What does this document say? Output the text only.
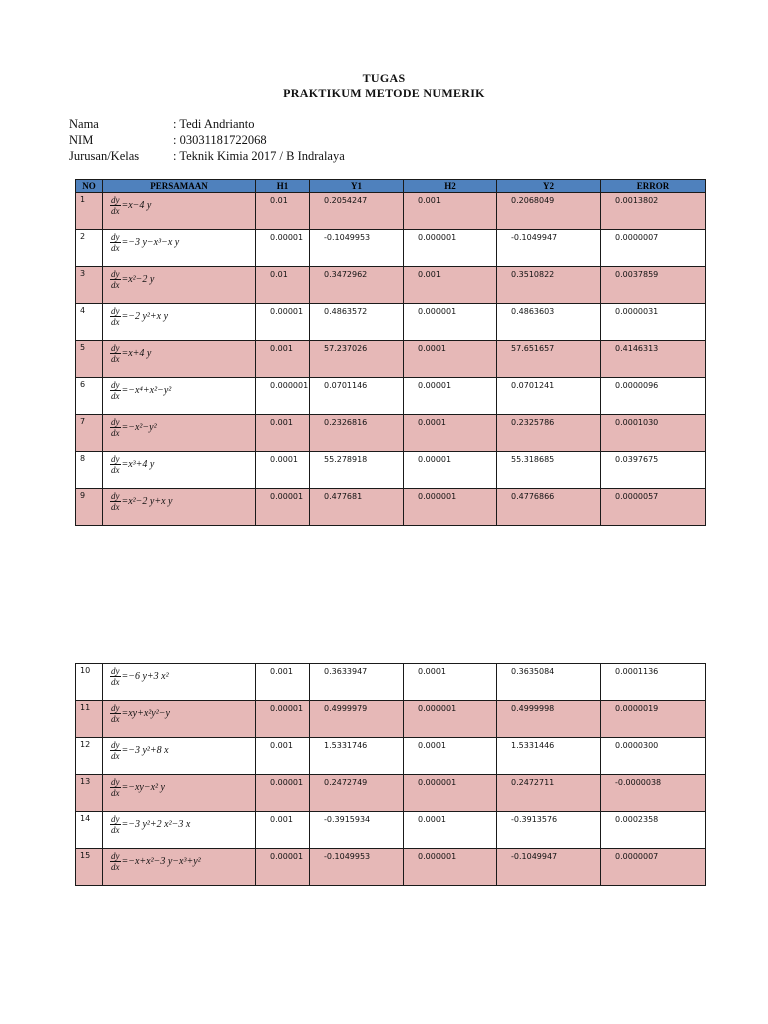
TUGAS
PRAKTIKUM METODE NUMERIK
Nama	: Tedi Andrianto
NIM	: 03031181722068
Jurusan/Kelas	: Teknik Kimia 2017 / B Indralaya
NO	PERSAMAAN	H1	Y1	H2	Y2	ERROR
1	$\frac{dy}{dx} =x-4$ y	0.01	0.2054247	0.001	0.2068049	0.0013802
2	$\frac{dy}{dx} =-3$ y−x³−x y	0.00001	-0.1049953	0.000001	-0.1049947	0.0000007
3	$\frac{dy}{dx} =x^2-2$ y	0.01	0.3472962	0.001	0.3510822	0.0037859
4	$\frac{dy}{dx} =-2$ y²+x y	0.00001	0.4863572	0.000001	0.4863603	0.0000031
5	$\frac{dy}{dx} =x+4$ y	0.001	57.237026	0.0001	57.651657	0.4146313
6	$\frac{dy}{dx} =-x^4+x^2-y^2$	0.000001	0.0701146	0.00001	0.0701241	0.0000096
7	$\frac{dy}{dx} =-x^2-y^2$	0.001	0.2326816	0.0001	0.2325786	0.0001030
8	$\frac{dy}{dx} =x^3+4$ y	0.0001	55.278918	0.00001	55.318685	0.0397675
9	$\frac{dy}{dx} =x^2-2$ y+x y	0.00001	0.477681	0.000001	0.4776866	0.0000057
10	$\frac{dy}{dx} =-6$ y+3 x²	0.001	0.3633947	0.0001	0.3635084	0.0001136
11	$\frac{dy}{dx} =xy+x^2y^2-y$	0.00001	0.4999979	0.000001	0.4999998	0.0000019
12	$\frac{dy}{dx} =-3$ y²+8 x	0.001	1.5331746	0.0001	1.5331446	0.0000300
13	$\frac{dy}{dx} =-xy-x^2$ y	0.00001	0.2472749	0.000001	0.2472711	-0.0000038
14	$\frac{dy}{dx} =-3$ y²+2 x²−3 x	0.001	-0.3915934	0.0001	-0.3913576	0.0002358
15	$\frac{dy}{dx} =-x+x^2-3$ y−x³+y²	0.00001	-0.1049953	0.000001	-0.1049947	0.0000007
